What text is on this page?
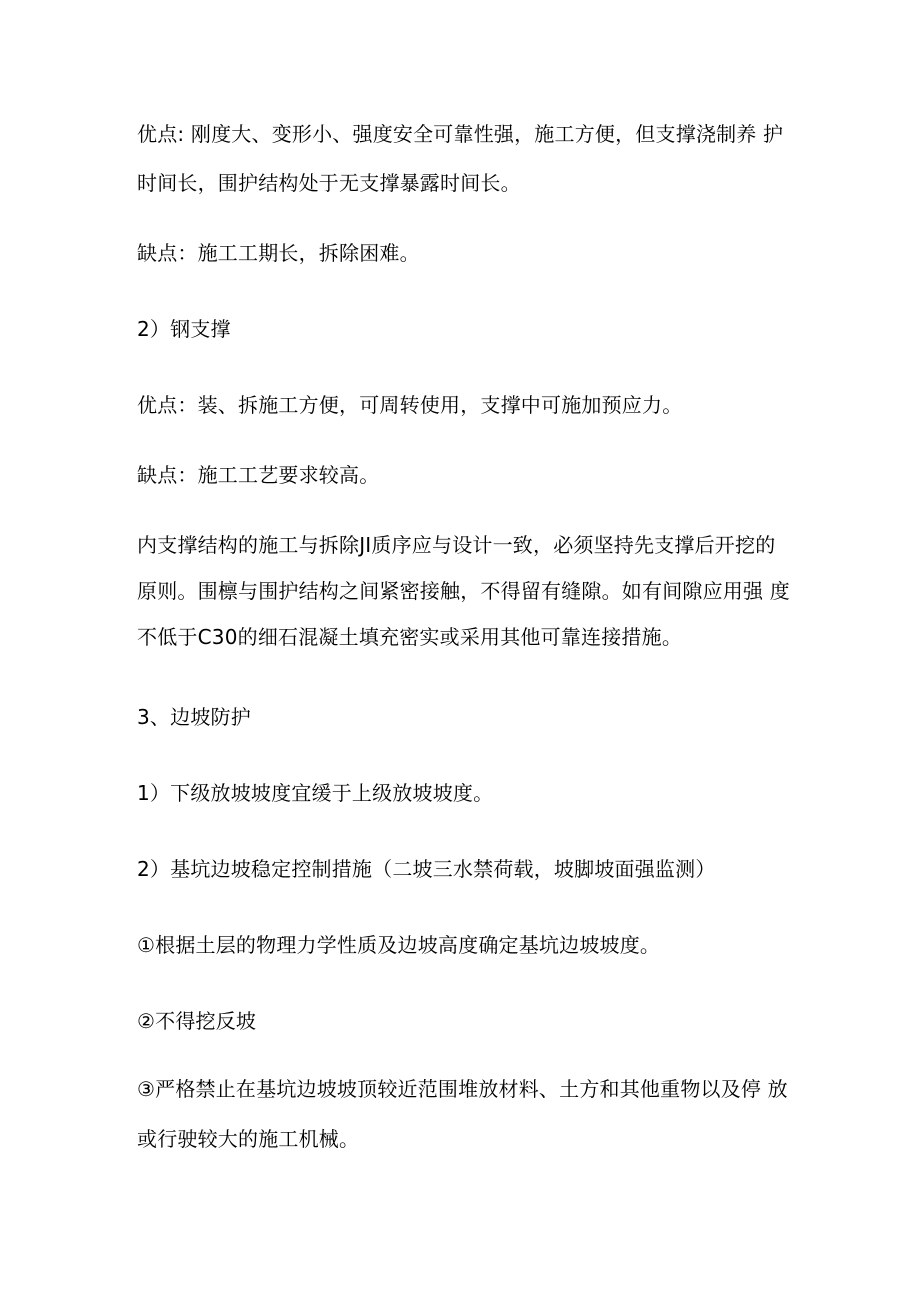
优点: 刚度大、变形小、强度安全可靠性强，施工方便，但支撑浇制养 护
时间长，围护结构处于无支撑暴露时间长。
缺点：施工工期长，拆除困难。
2）钢支撑
优点：装、拆施工方便，可周转使用，支撑中可施加预应力。
缺点：施工工艺要求较高。
内支撑结构的施工与拆除JI质序应与设计一致，必须坚持先支撑后开挖的
原则。围檩与围护结构之间紧密接触，不得留有缝隙。如有间隙应用强 度
不低于C30的细石混凝土填充密实或采用其他可靠连接措施。
3、边坡防护
1）下级放坡坡度宜缓于上级放坡坡度。
2）基坑边坡稳定控制措施（二坡三水禁荷载，坡脚坡面强监测）
①根据土层的物理力学性质及边坡高度确定基坑边坡坡度。
②不得挖反坡
③严格禁止在基坑边坡坡顶较近范围堆放材料、土方和其他重物以及停 放
或行驶较大的施工机械。
